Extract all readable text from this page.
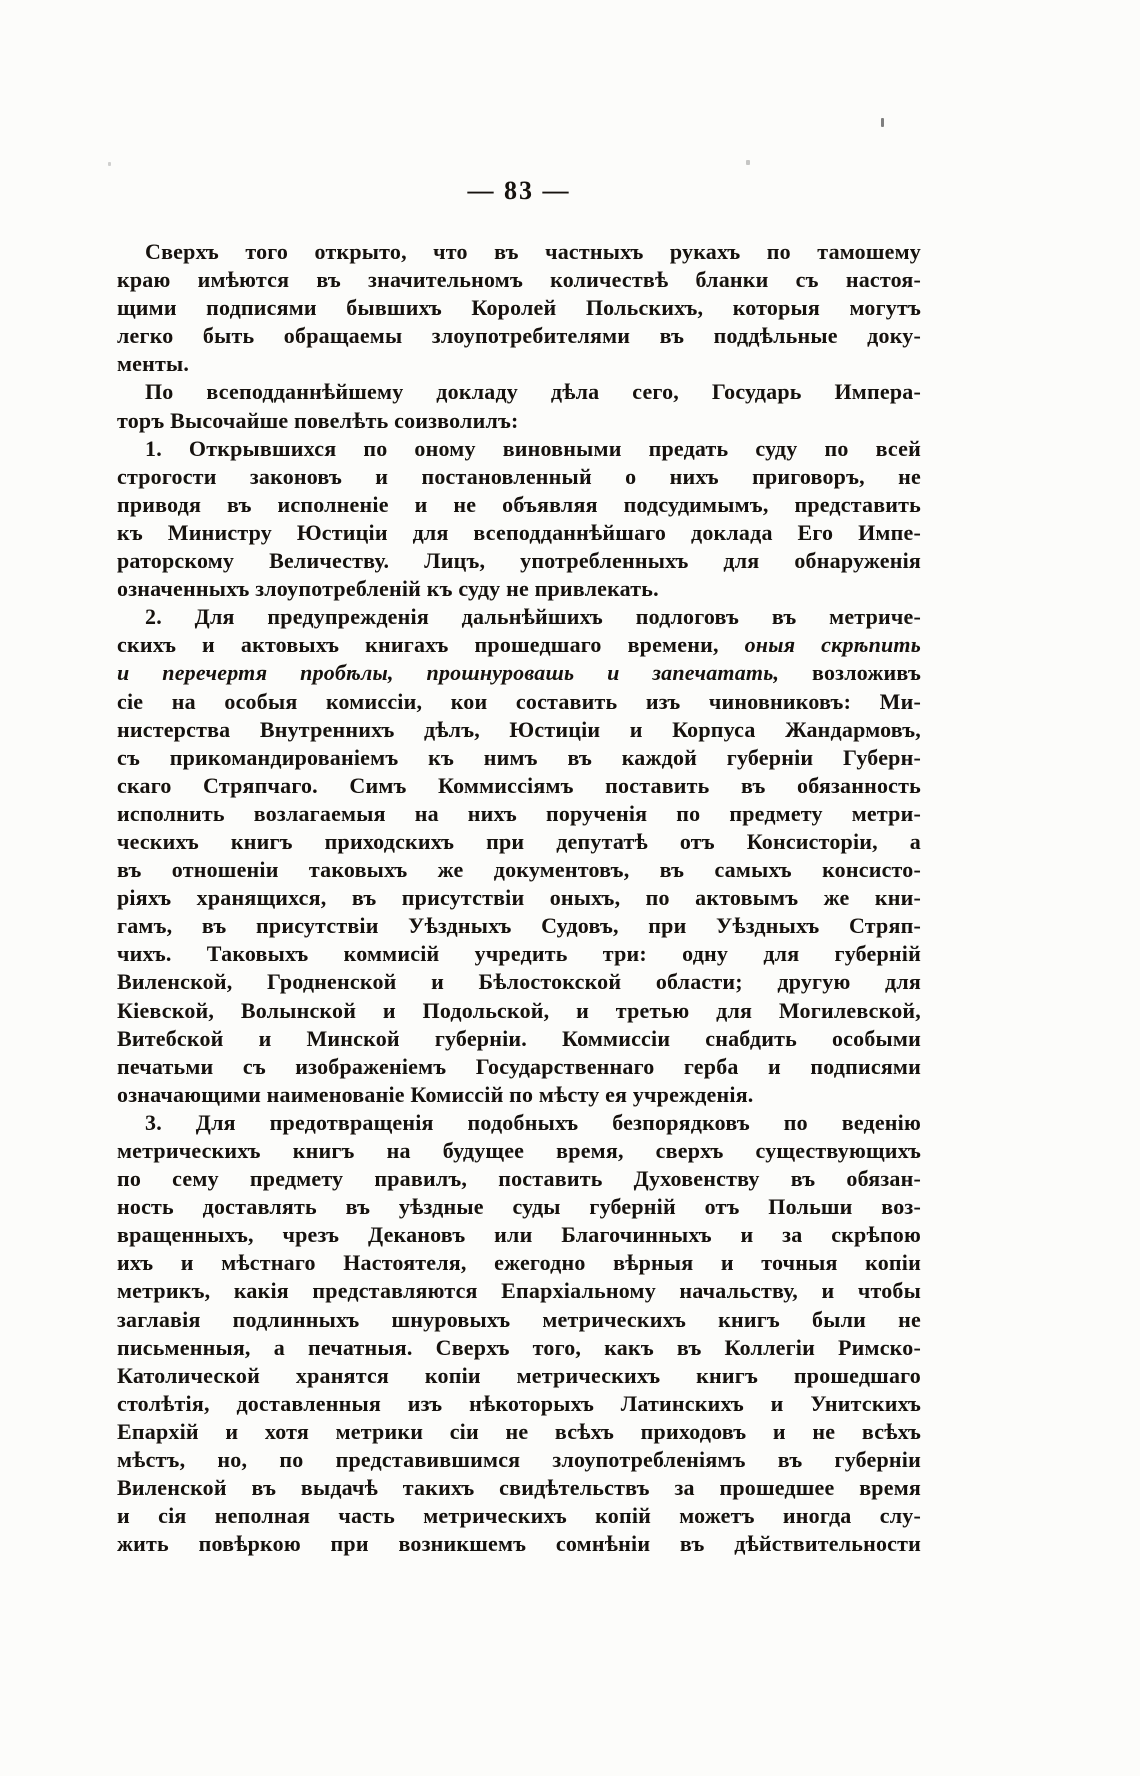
— 83 —
Сверхъ того открыто, что въ частныхъ рукахъ по тамошему
краю имѣются въ значительномъ количествѣ бланки съ настоя-
щими подписями бывшихъ Королей Польскихъ, которыя могутъ
легко быть обращаемы злоупотребителями въ поддѣльные доку-
менты.
По всеподданнѣйшему докладу дѣла сего, Государь Импера-
торъ Высочайше повелѣть соизволилъ:
1. Открывшихся по оному виновными предать суду по всей
строгости законовъ и постановленный о нихъ приговоръ, не
приводя въ исполненіе и не объявляя подсудимымъ, представить
къ Министру Юстиціи для всеподданнѣйшаго доклада Его Импе-
раторскому Величеству. Лицъ, употребленныхъ для обнаруженія
означенныхъ злоупотребленій къ суду не привлекать.
2. Для предупрежденія дальнѣйшихъ подлоговъ въ метриче-
скихъ и актовыхъ книгахъ прошедшаго времени, оныя скрѣпить
и перечертя пробѣлы, прошнуровашь и запечатать, возложивъ
сіе на особыя комиссіи, кои составить изъ чиновниковъ: Ми-
нистерства Внутреннихъ дѣлъ, Юстиціи и Корпуса Жандармовъ,
съ прикомандированіемъ къ нимъ въ каждой губерніи Губерн-
скаго Стряпчаго. Симъ Коммиссіямъ поставить въ обязанность
исполнить возлагаемыя на нихъ порученія по предмету метри-
ческихъ книгъ приходскихъ при депутатѣ отъ Консисторіи, а
въ отношеніи таковыхъ же документовъ, въ самыхъ консисто-
ріяхъ хранящихся, въ присутствіи оныхъ, по актовымъ же кни-
гамъ, въ присутствіи Уѣздныхъ Судовъ, при Уѣздныхъ Стряп-
чихъ. Таковыхъ коммисій учредить три: одну для губерній
Виленской, Гродненской и Бѣлостокской области; другую для
Кіевской, Волынской и Подольской, и третью для Могилевской,
Витебской и Минской губерніи. Коммиссіи снабдить особыми
печатьми съ изображеніемъ Государственнаго герба и подписями
означающими наименованіе Комиссій по мѣсту ея учрежденія.
3. Для предотвращенія подобныхъ безпорядковъ по веденію
метрическихъ книгъ на будущее время, сверхъ существующихъ
по сему предмету правилъ, поставить Духовенству въ обязан-
ность доставлять въ уѣздные суды губерній отъ Польши воз-
вращенныхъ, чрезъ Декановъ или Благочинныхъ и за скрѣпою
ихъ и мѣстнаго Настоятеля, ежегодно вѣрныя и точныя копіи
метрикъ, какія представляются Епархіальному начальству, и чтобы
заглавія подлинныхъ шнуровыхъ метрическихъ книгъ были не
письменныя, а печатныя. Сверхъ того, какъ въ Коллегіи Римско-
Католической хранятся копіи метрическихъ книгъ прошедшаго
столѣтія, доставленныя изъ нѣкоторыхъ Латинскихъ и Унитскихъ
Епархій и хотя метрики сіи не всѣхъ приходовъ и не всѣхъ
мѣстъ, но, по представившимся злоупотребленіямъ въ губерніи
Виленской въ выдачѣ такихъ свидѣтельствъ за прошедшее время
и сія неполная часть метрическихъ копій можетъ иногда слу-
жить повѣркою при возникшемъ сомнѣніи въ дѣйствительности
